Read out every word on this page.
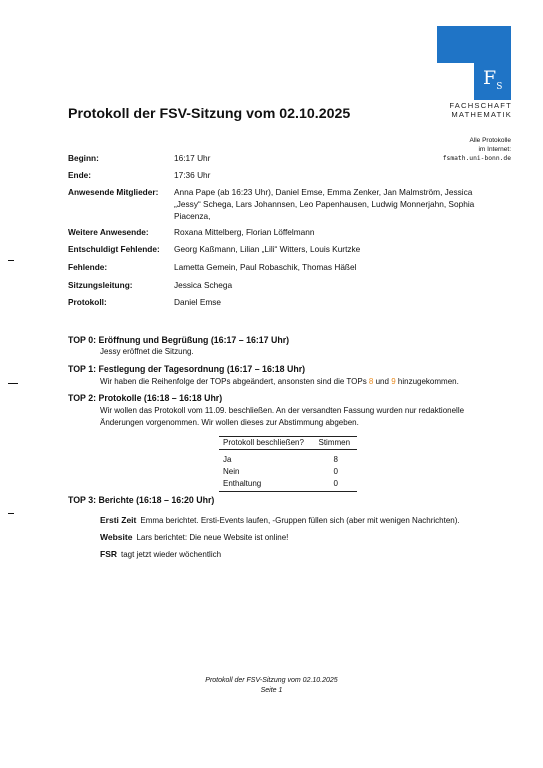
$F_S$
FACHSCHAFT
MATHEMATIK
Protokoll der FSV-Sitzung vom 02.10.2025
Alle Protokolle
im Internet:
fsmath.uni-bonn.de
Beginn:	16:17 Uhr
Ende:	17:36 Uhr
Anwesende Mitglieder:	Anna Pape (ab 16:23 Uhr), Daniel Emse, Emma Zenker, Jan Malmström, Jessica „Jessy“ Schega, Lars Johannsen, Leo Papenhausen, Ludwig Monnerjahn, Sophia Piacenza,
Weitere Anwesende:	Roxana Mittelberg, Florian Löffelmann
Entschuldigt Fehlende:	Georg Kaßmann, Lilian „Lili“ Witters, Louis Kurtzke
Fehlende:	Lametta Gemein, Paul Robaschik, Thomas Häßel
Sitzungsleitung:	Jessica Schega
Protokoll:	Daniel Emse
TOP 0: Eröffnung und Begrüßung (16:17 – 16:17 Uhr)
Jessy eröffnet die Sitzung.
TOP 1: Festlegung der Tagesordnung (16:17 – 16:18 Uhr)
Wir haben die Reihenfolge der TOPs abgeändert, ansonsten sind die TOPs 8 und 9 hinzugekommen.
TOP 2: Protokolle (16:18 – 16:18 Uhr)
Wir wollen das Protokoll vom 11.09. beschließen. An der versandten Fassung wurden nur redaktionelle Änderungen vorgenommen. Wir wollen dieses zur Abstimmung abgeben.
Protokoll beschließen?	Stimmen

Ja	8
Nein	0
Enthaltung	0
TOP 3: Berichte (16:18 – 16:20 Uhr)
Ersti Zeit Emma berichtet. Ersti-Events laufen, -Gruppen füllen sich (aber mit wenigen Nachrichten).
Website Lars berichtet: Die neue Website ist online!
FSR tagt jetzt wieder wöchentlich
Protokoll der FSV-Sitzung vom 02.10.2025
Seite 1
